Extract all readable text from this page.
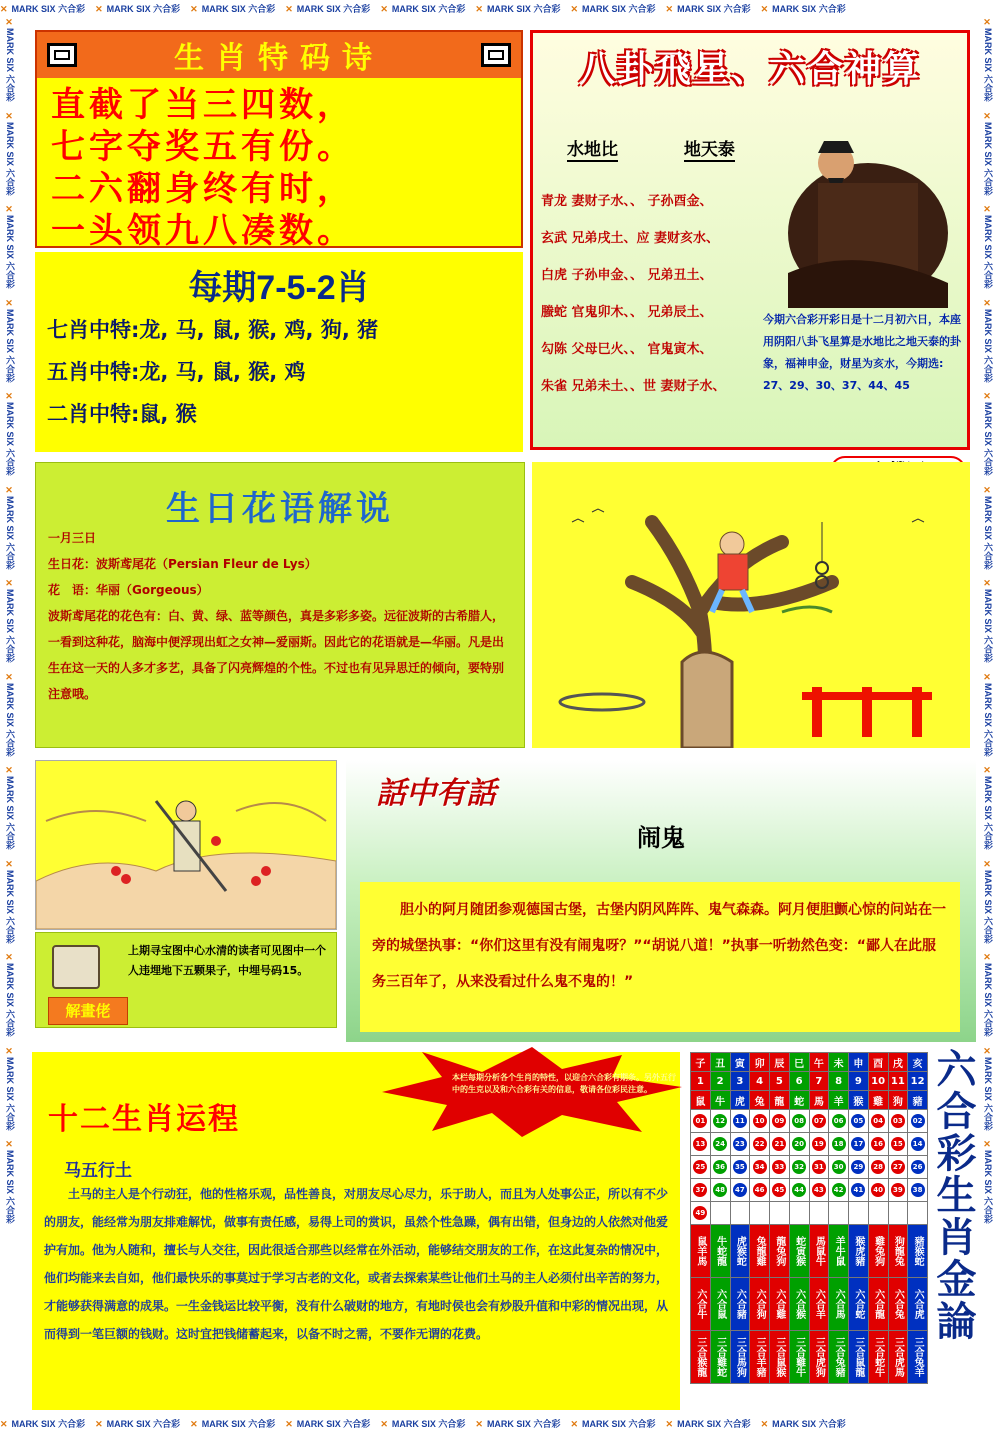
✕ MARK SIX 六合彩 ✕ MARK SIX 六合彩 ✕ MARK SIX 六合彩 ✕ MARK SIX 六合彩 ✕ MARK SIX 六合彩 ✕ MARK SIX 六合彩 ✕ MARK SIX 六合彩 ✕ MARK SIX 六合彩 ✕ MARK SIX 六合彩
✕ MARK SIX 六合彩 ✕ MARK SIX 六合彩 ✕ MARK SIX 六合彩 ✕ MARK SIX 六合彩 ✕ MARK SIX 六合彩 ✕ MARK SIX 六合彩 ✕ MARK SIX 六合彩 ✕ MARK SIX 六合彩 ✕ MARK SIX 六合彩
✕MARK SIX 六合彩✕MARK SIX 六合彩✕MARK SIX 六合彩✕MARK SIX 六合彩✕MARK SIX 六合彩✕MARK SIX 六合彩✕MARK SIX 六合彩✕MARK SIX 六合彩✕MARK SIX 六合彩✕MARK SIX 六合彩✕MARK SIX 六合彩✕MARK SIX 六合彩✕MARK SIX 六合彩
✕MARK SIX 六合彩✕MARK SIX 六合彩✕MARK SIX 六合彩✕MARK SIX 六合彩✕MARK SIX 六合彩✕MARK SIX 六合彩✕MARK SIX 六合彩✕MARK SIX 六合彩✕MARK SIX 六合彩✕MARK SIX 六合彩✕MARK SIX 六合彩✕MARK SIX 六合彩✕MARK SIX 六合彩
生肖特码诗
直截了当三四数，
七字夺奖五有份。
二六翻身终有时，
一头领九八凑数。
每期7-5-2肖
七肖中特:龙, 马, 鼠, 猴, 鸡, 狗, 猪
五肖中特:龙, 马, 鼠, 猴, 鸡
二肖中特:鼠, 猴
八卦飛星、六合神算
水地比	地天泰
青龙 妻财子水、、 子孙酉金、
玄武 兄弟戌土、应 妻财亥水、
白虎 子孙申金、、 兄弟丑土、
螣蛇 官鬼卯木、、 兄弟辰土、
勾陈 父母巳火、、 官鬼寅木、
朱雀 兄弟未土、、世 妻财子水、
今期六合彩开彩日是十二月初六日，本座用阴阳八卦飞星算是水地比之地天泰的卦象，福神申金，财星为亥水，今期选: 27、29、30、37、44、45
生日花语解说
一月三日
生日花：波斯鸢尾花（Persian Fleur de Lys）
花　语：华丽（Gorgeous）
波斯鸢尾花的花色有：白、黄、绿、蓝等颜色，真是多彩多姿。远征波斯的古希腊人，一看到这种花，脑海中便浮现出虹之女神—爱丽斯。因此它的花语就是—华丽。凡是出生在这一天的人多才多艺，具备了闪亮辉煌的个性。不过也有见异思迁的倾向，要特别注意哦。
解畫佬
上期寻宝图中心水清的读者可见图中一个人违埋地下五颗果子，中埋号码15。
話中有話
闹鬼
胆小的阿月随团参观德国古堡，古堡内阴风阵阵、鬼气森森。阿月便胆颤心惊的问站在一旁的城堡执事：“你们这里有没有闹鬼呀？”“胡说八道！”执事一听勃然色变：“鄙人在此服务三百年了，从来没看过什么鬼不鬼的！”
本栏每期分析各个生肖的特性，以迎合六合彩有期条。另外五行中的生克以及和六合彩有关的信息，敬请各位彩民注意。
十二生肖运程
马五行土
土马的主人是个行动狂，他的性格乐观，品性善良，对朋友尽心尽力，乐于助人，而且为人处事公正，所以有不少的朋友，能经常为朋友排难解忧，做事有责任感，易得上司的赏识，虽然个性急躁，偶有出错，但身边的人依然对他爱护有加。他为人随和，擅长与人交往，因此很适合那些以经常在外活动，能够结交朋友的工作，在这此复杂的情况中，他们均能来去自如，他们最快乐的事莫过于学习古老的文化，或者去探索某些让他们土马的主人必须付出辛苦的努力，才能够获得满意的成果。一生金钱运比较平衡，没有什么破财的地方，有地时侯也会有炒股升值和中彩的情况出现，从而得到一笔巨额的钱财。这时宜把钱储蓄起来，以备不时之需，不要作无谓的花费。
子	丑	寅	卯	辰	巳	午	未	申	酉	戌	亥
1	2	3	4	5	6	7	8	9	10	11	12
鼠	牛	虎	兔	龍	蛇	馬	羊	猴	雞	狗	豬
01	12	11	10	09	08	07	06	05	04	03	02
13	24	23	22	21	20	19	18	17	16	15	14
25	36	35	34	33	32	31	30	29	28	27	26
37	48	47	46	45	44	43	42	41	40	39	38
49											
鼠羊馬	牛蛇龍	虎猴蛇	兔龍雞	龍兔狗	蛇寅猴	馬鼠牛	羊牛鼠	猴虎豬	雞兔狗	狗龍兔	豬猴蛇
六合牛	六合鼠	六合豬	六合狗	六合雞	六合猴	六合羊	六合馬	六合蛇	六合龍	六合兔	六合虎
三合猴龍	三合雞蛇	三合馬狗	三合羊豬	三合鼠猴	三合雞牛	三合虎狗	三合兔豬	三合鼠龍	三合蛇牛	三合虎馬	三合兔羊
六合彩生肖金論
